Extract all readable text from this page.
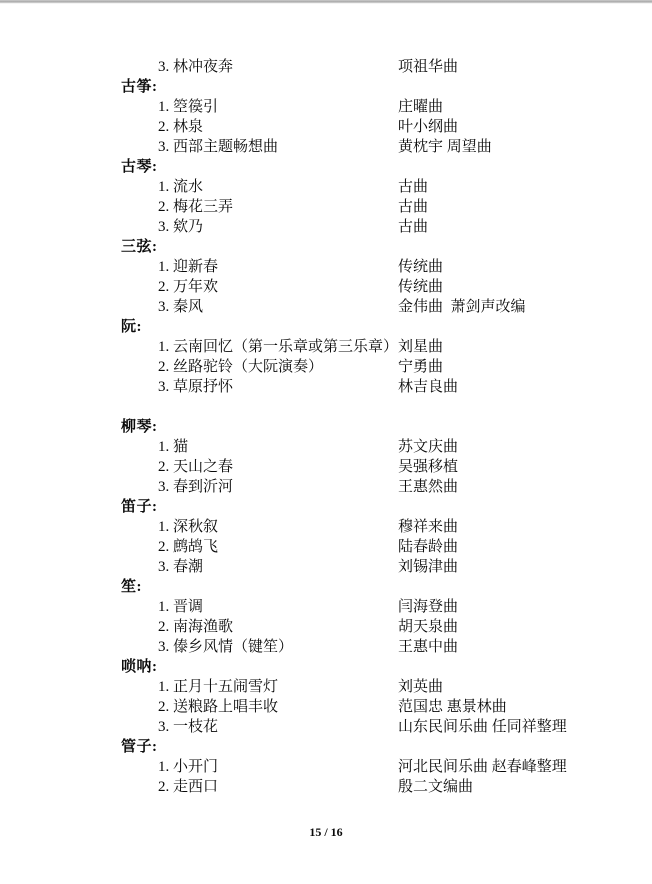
3. 林冲夜奔	项祖华曲
古筝:
1. 箜篌引	庄曜曲
2. 林泉	叶小纲曲
3. 西部主题畅想曲	黄枕宇 周望曲
古琴:
1. 流水	古曲
2. 梅花三弄	古曲
3. 欸乃	古曲
三弦:
1. 迎新春	传统曲
2. 万年欢	传统曲
3. 秦风	金伟曲  萧剑声改编
阮:
1. 云南回忆（第一乐章或第三乐章） 刘星曲
2. 丝路驼铃（大阮演奏）	宁勇曲
3. 草原抒怀	林吉良曲
柳琴:
1. 猫	苏文庆曲
2. 天山之春	吴强移植
3. 春到沂河	王惠然曲
笛子:
1. 深秋叙	穆祥来曲
2. 鹧鸪飞	陆春龄曲
3. 春潮	刘锡津曲
笙:
1. 晋调	闫海登曲
2. 南海渔歌	胡天泉曲
3. 傣乡风情（键笙）	王惠中曲
唢呐:
1. 正月十五闹雪灯	刘英曲
2. 送粮路上唱丰收	范国忠 惠景林曲
3. 一枝花	山东民间乐曲 任同祥整理
管子:
1. 小开门	河北民间乐曲 赵春峰整理
2. 走西口	殷二文编曲
15 / 16
